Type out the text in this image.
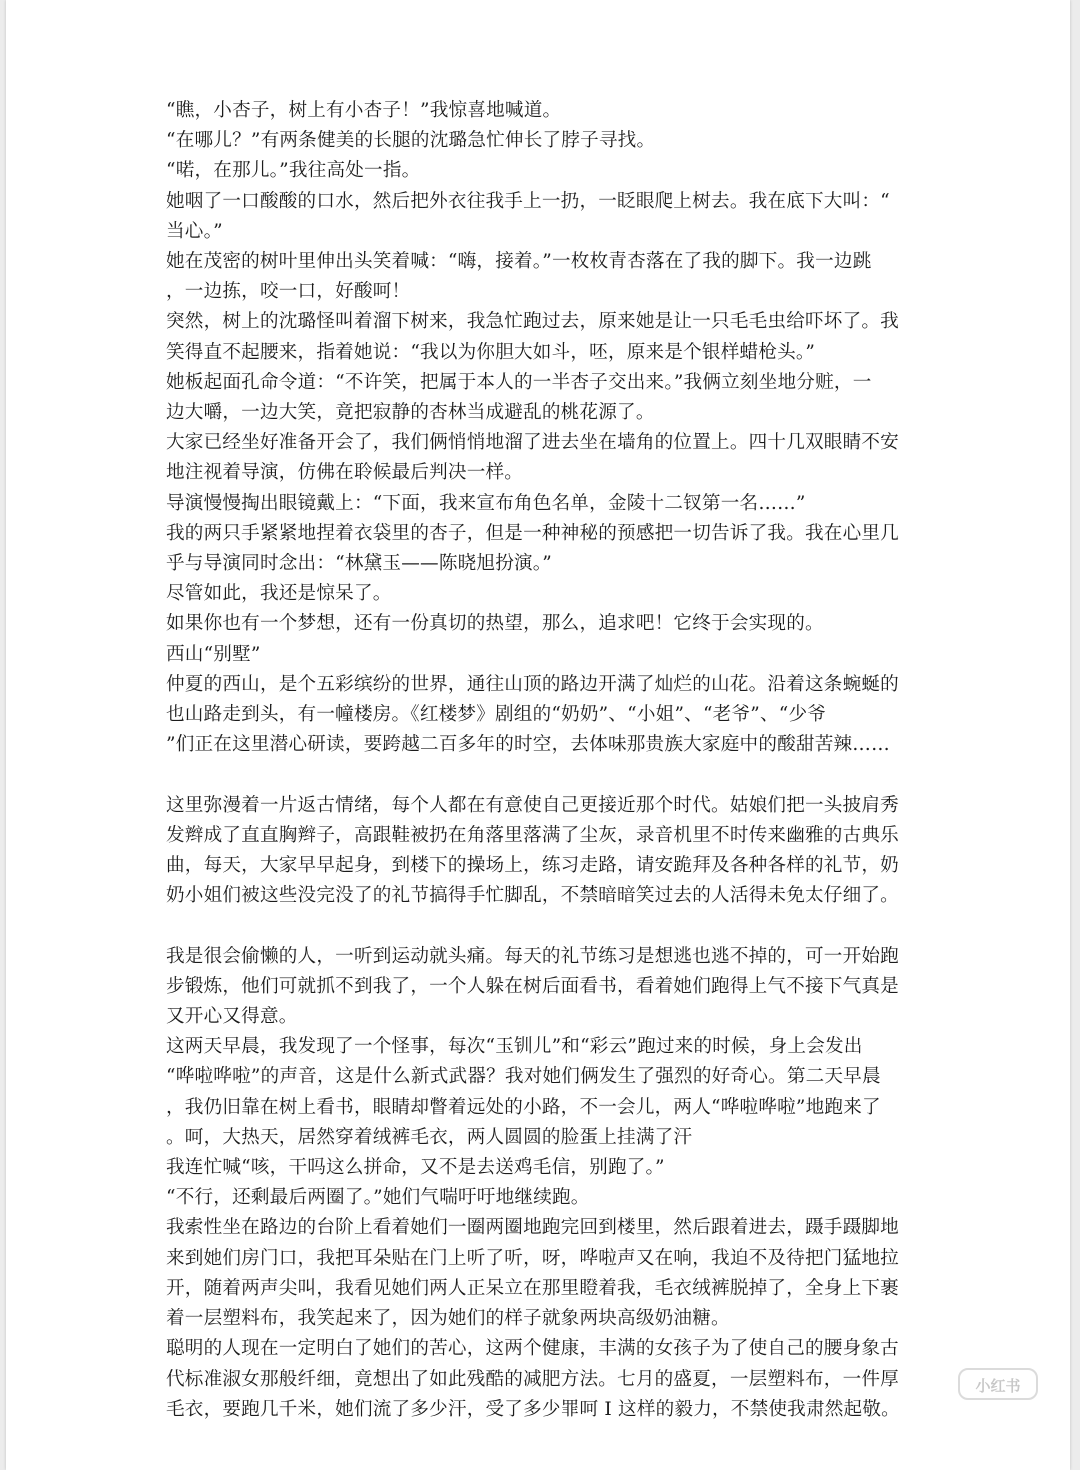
“瞧，小杏子，树上有小杏子！”我惊喜地喊道。

“在哪儿？”有两条健美的长腿的沈璐急忙伸长了脖子寻找。

“喏，在那儿。”我往高处一指。

她咽了一口酸酸的口水，然后把外衣往我手上一扔，一眨眼爬上树去。我在底下大叫：“

当心。”

她在茂密的树叶里伸出头笑着喊：“嗨，接着。”一枚枚青杏落在了我的脚下。我一边跳

，一边拣，咬一口，好酸呵！

突然，树上的沈璐怪叫着溜下树来，我急忙跑过去，原来她是让一只毛毛虫给吓坏了。我

笑得直不起腰来，指着她说：“我以为你胆大如斗，呸，原来是个银样蜡枪头。”

她板起面孔命令道：“不许笑，把属于本人的一半杏子交出来。”我俩立刻坐地分赃，一

边大嚼，一边大笑，竟把寂静的杏林当成避乱的桃花源了。

大家已经坐好准备开会了，我们俩悄悄地溜了进去坐在墙角的位置上。四十几双眼睛不安

地注视着导演，仿佛在聆候最后判决一样。

导演慢慢掏出眼镜戴上：“下面，我来宣布角色名单，金陵十二钗第一名……”

我的两只手紧紧地捏着衣袋里的杏子，但是一种神秘的预感把一切告诉了我。我在心里几

乎与导演同时念出：“林黛玉——陈晓旭扮演。”

尽管如此，我还是惊呆了。

如果你也有一个梦想，还有一份真切的热望，那么，追求吧！它终于会实现的。

西山“别墅”

仲夏的西山，是个五彩缤纷的世界，通往山顶的路边开满了灿烂的山花。沿着这条蜿蜒的

也山路走到头，有一幢楼房。《红楼梦》剧组的“奶奶”、“小姐”、“老爷”、“少爷

”们正在这里潜心研读，要跨越二百多年的时空，去体味那贵族大家庭中的酸甜苦辣……

这里弥漫着一片返古情绪，每个人都在有意使自己更接近那个时代。姑娘们把一头披肩秀

发辫成了直直胸辫子，高跟鞋被扔在角落里落满了尘灰，录音机里不时传来幽雅的古典乐

曲，每天，大家早早起身，到楼下的操场上，练习走路，请安跪拜及各种各样的礼节，奶

奶小姐们被这些没完没了的礼节搞得手忙脚乱，不禁暗暗笑过去的人活得未免太仔细了。

我是很会偷懒的人，一听到运动就头痛。每天的礼节练习是想逃也逃不掉的，可一开始跑

步锻炼，他们可就抓不到我了，一个人躲在树后面看书，看着她们跑得上气不接下气真是

又开心又得意。

这两天早晨，我发现了一个怪事，每次“玉钏儿”和“彩云”跑过来的时候，身上会发出

“哗啦哗啦”的声音，这是什么新式武器？我对她们俩发生了强烈的好奇心。第二天早晨

，我仍旧靠在树上看书，眼睛却瞥着远处的小路，不一会儿，两人“哗啦哗啦”地跑来了

。呵，大热天，居然穿着绒裤毛衣，两人圆圆的脸蛋上挂满了汗

我连忙喊“咳，干吗这么拼命，又不是去送鸡毛信，别跑了。”

“不行，还剩最后两圈了。”她们气喘吁吁地继续跑。

我索性坐在路边的台阶上看着她们一圈两圈地跑完回到楼里，然后跟着进去，蹑手蹑脚地

来到她们房门口，我把耳朵贴在门上听了听，呀，哗啦声又在响，我迫不及待把门猛地拉

开，随着两声尖叫，我看见她们两人正呆立在那里瞪着我，毛衣绒裤脱掉了，全身上下裹

着一层塑料布，我笑起来了，因为她们的样子就象两块高级奶油糖。

聪明的人现在一定明白了她们的苦心，这两个健康，丰满的女孩子为了使自己的腰身象古

代标准淑女那般纤细，竟想出了如此残酷的减肥方法。七月的盛夏，一层塑料布，一件厚

毛衣，要跑几千米，她们流了多少汗，受了多少罪呵 I 这样的毅力，不禁使我肃然起敬。

小红书
